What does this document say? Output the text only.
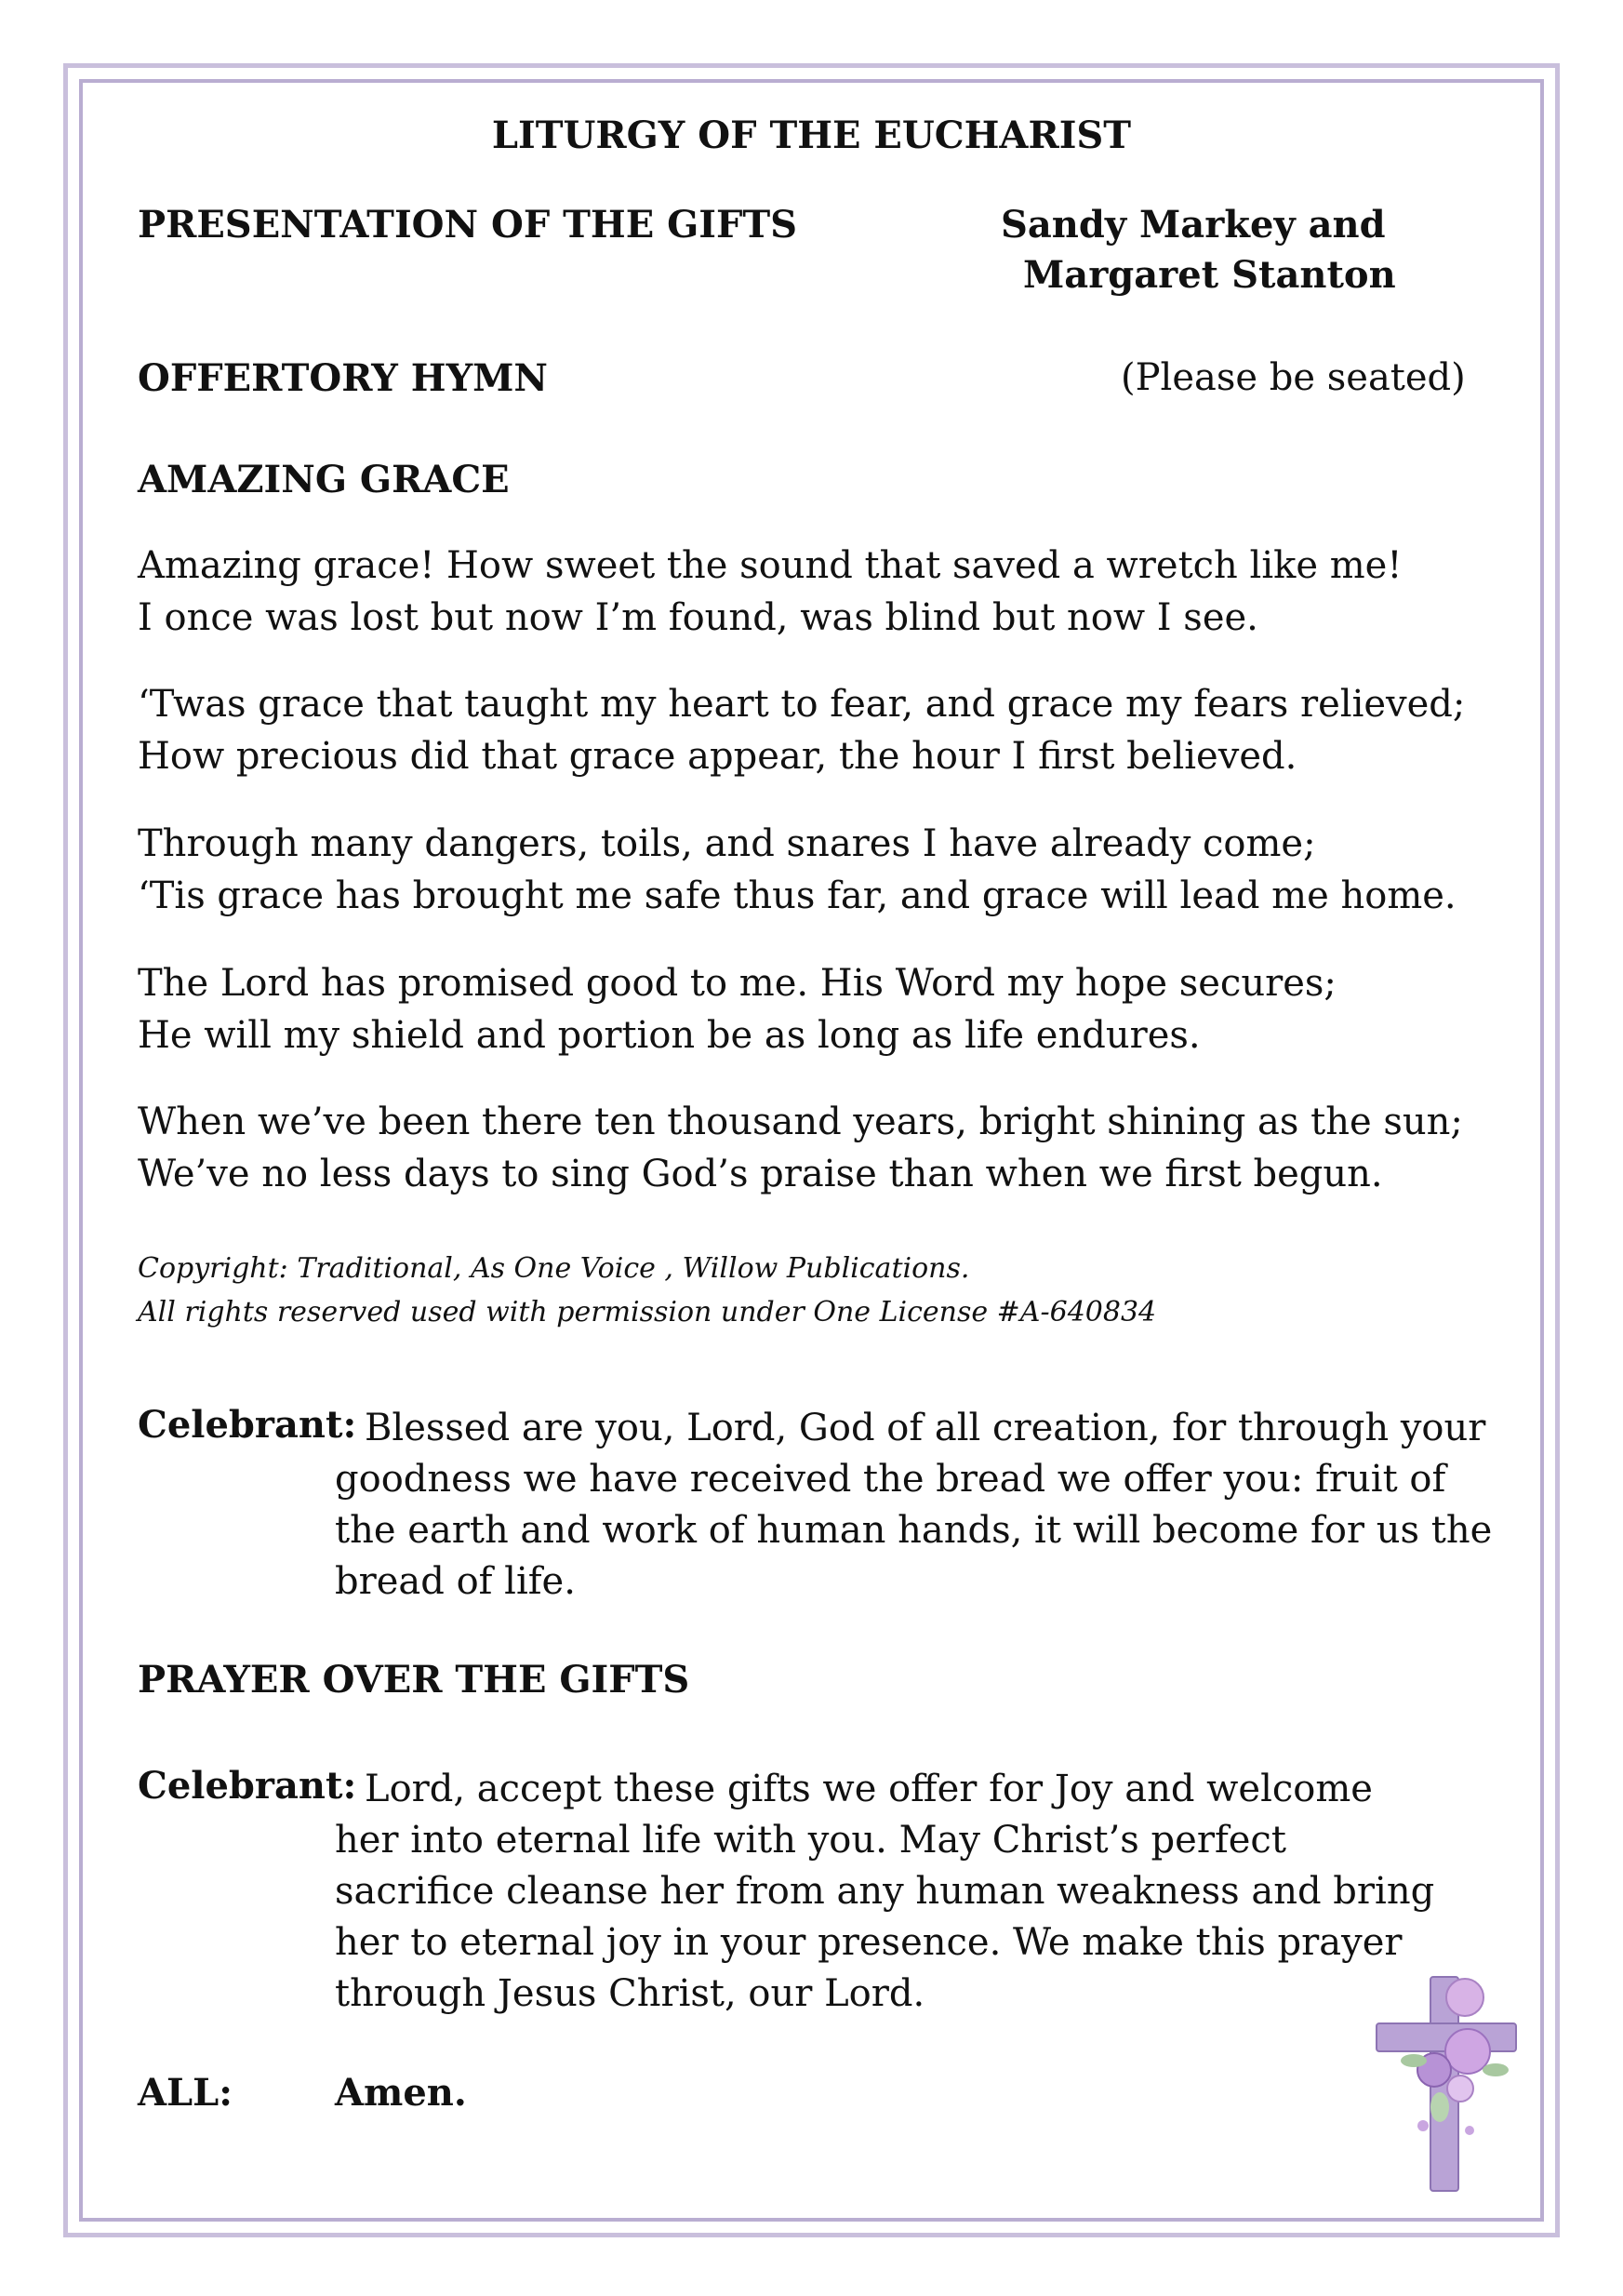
LITURGY OF THE EUCHARIST
PRESENTATION OF THE GIFTS	Sandy Markey and
Margaret Stanton
OFFERTORY HYMN	(Please be seated)
AMAZING GRACE

Amazing grace! How sweet the sound that saved a wretch like me!

I once was lost but now I’m found, was blind but now I see.

‘Twas grace that taught my heart to fear, and grace my fears relieved;

How precious did that grace appear, the hour I first believed.

Through many dangers, toils, and snares I have already come;

‘Tis grace has brought me safe thus far, and grace will lead me home.

The Lord has promised good to me. His Word my hope secures;

He will my shield and portion be as long as life endures.

When we’ve been there ten thousand years, bright shining as the sun;

We’ve no less days to sing God’s praise than when we first begun.

Copyright: Traditional, As One Voice , Willow Publications.

All rights reserved used with permission under One License #A-640834

Celebrant: Blessed are you, Lord, God of all creation, for through your goodness we have received the bread we offer you: fruit of the earth and work of human hands, it will become for us the bread of life.
PRAYER OVER THE GIFTS
Celebrant: Lord, accept these gifts we offer for Joy and welcome her into eternal life with you. May Christ’s perfect sacrifice cleanse her from any human weakness and bring her to eternal joy in your presence. We make this prayer through Jesus Christ, our Lord.
ALL:	Amen.
